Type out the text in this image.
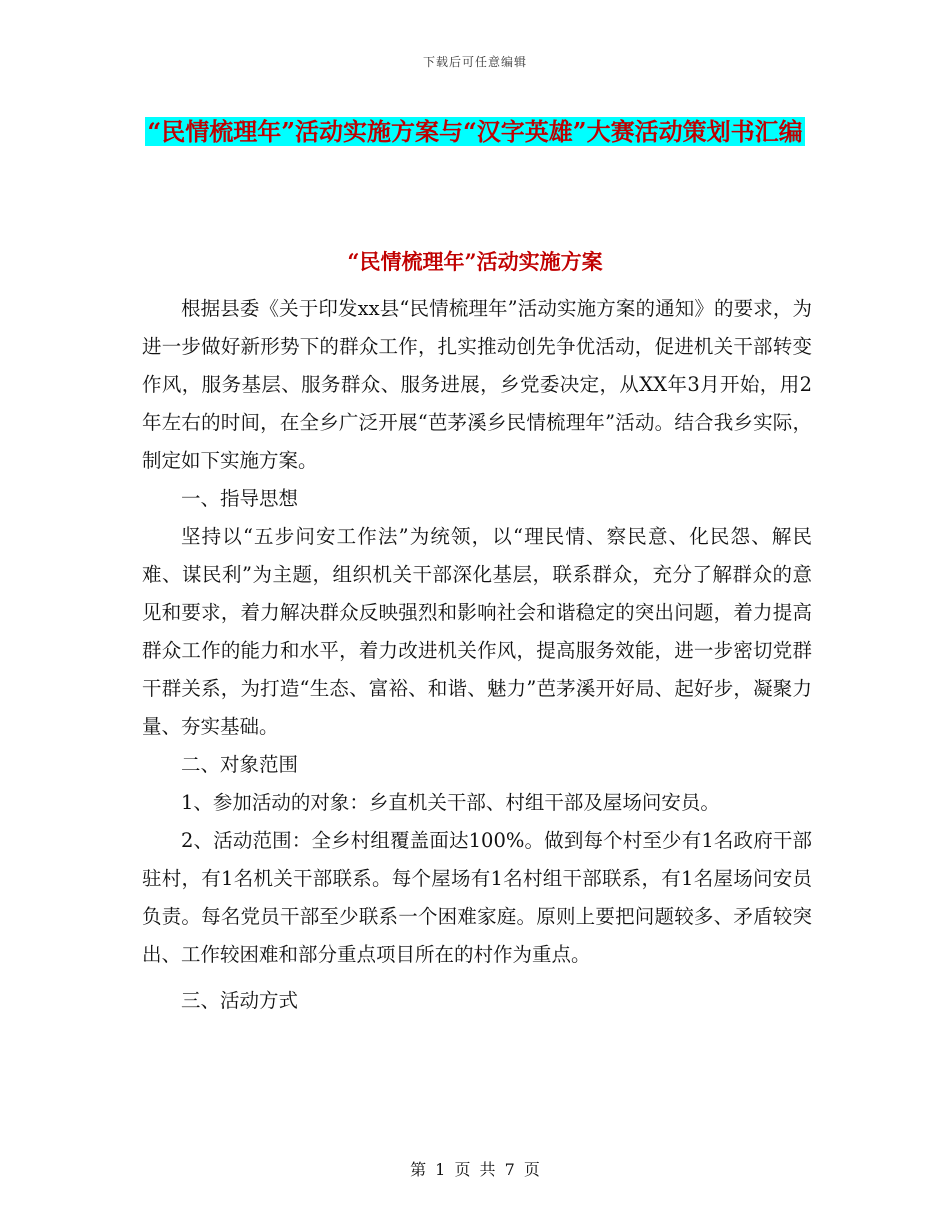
下载后可任意编辑
“民情梳理年”活动实施方案与“汉字英雄”大赛活动策划书汇编
“民情梳理年”活动实施方案

根据县委《关于印发xx县“民情梳理年”活动实施方案的通知》的要求，为进一步做好新形势下的群众工作，扎实推动创先争优活动，促进机关干部转变作风，服务基层、服务群众、服务进展，乡党委决定，从XX年3月开始，用2年左右的时间，在全乡广泛开展“芭茅溪乡民情梳理年”活动。结合我乡实际，制定如下实施方案。

一、指导思想

坚持以“五步问安工作法”为统领，以“理民情、察民意、化民怨、解民难、谋民利”为主题，组织机关干部深化基层，联系群众，充分了解群众的意见和要求，着力解决群众反映强烈和影响社会和谐稳定的突出问题，着力提高群众工作的能力和水平，着力改进机关作风，提高服务效能，进一步密切党群干群关系，为打造“生态、富裕、和谐、魅力”芭茅溪开好局、起好步，凝聚力量、夯实基础。

二、对象范围

1、参加活动的对象：乡直机关干部、村组干部及屋场问安员。

2、活动范围：全乡村组覆盖面达100%。做到每个村至少有1名政府干部驻村，有1名机关干部联系。每个屋场有1名村组干部联系，有1名屋场问安员负责。每名党员干部至少联系一个困难家庭。原则上要把问题较多、矛盾较突出、工作较困难和部分重点项目所在的村作为重点。

三、活动方式

第 1 页 共 7 页
